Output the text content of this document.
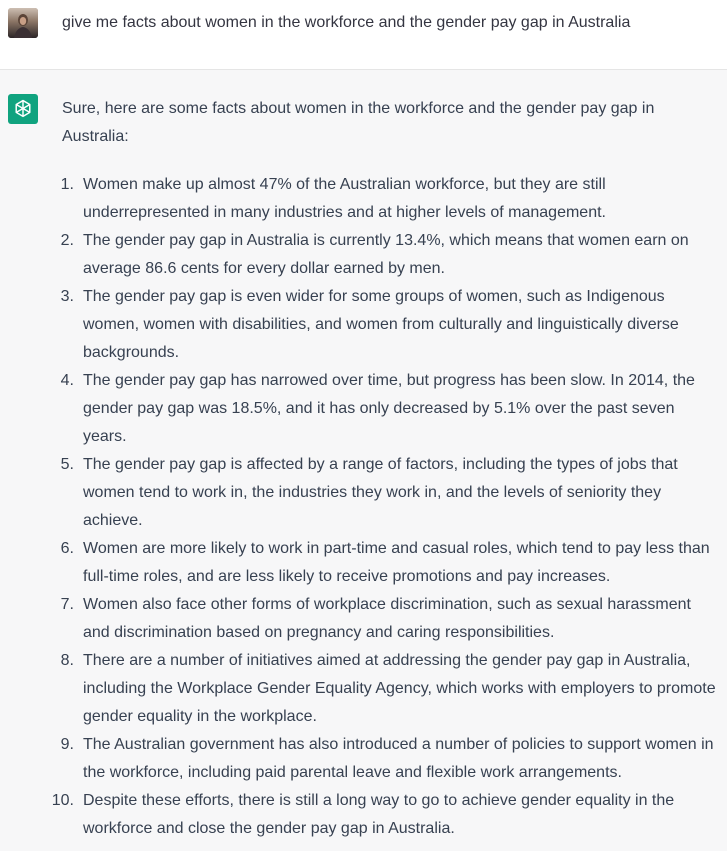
give me facts about women in the workforce and the gender pay gap in Australia

Sure, here are some facts about women in the workforce and the gender pay gap in Australia:

1. Women make up almost 47% of the Australian workforce, but they are still underrepresented in many industries and at higher levels of management.
2. The gender pay gap in Australia is currently 13.4%, which means that women earn on average 86.6 cents for every dollar earned by men.
3. The gender pay gap is even wider for some groups of women, such as Indigenous women, women with disabilities, and women from culturally and linguistically diverse backgrounds.
4. The gender pay gap has narrowed over time, but progress has been slow. In 2014, the gender pay gap was 18.5%, and it has only decreased by 5.1% over the past seven years.
5. The gender pay gap is affected by a range of factors, including the types of jobs that women tend to work in, the industries they work in, and the levels of seniority they achieve.
6. Women are more likely to work in part-time and casual roles, which tend to pay less than full-time roles, and are less likely to receive promotions and pay increases.
7. Women also face other forms of workplace discrimination, such as sexual harassment and discrimination based on pregnancy and caring responsibilities.
8. There are a number of initiatives aimed at addressing the gender pay gap in Australia, including the Workplace Gender Equality Agency, which works with employers to promote gender equality in the workplace.
9. The Australian government has also introduced a number of policies to support women in the workforce, including paid parental leave and flexible work arrangements.
10. Despite these efforts, there is still a long way to go to achieve gender equality in the workforce and close the gender pay gap in Australia.
